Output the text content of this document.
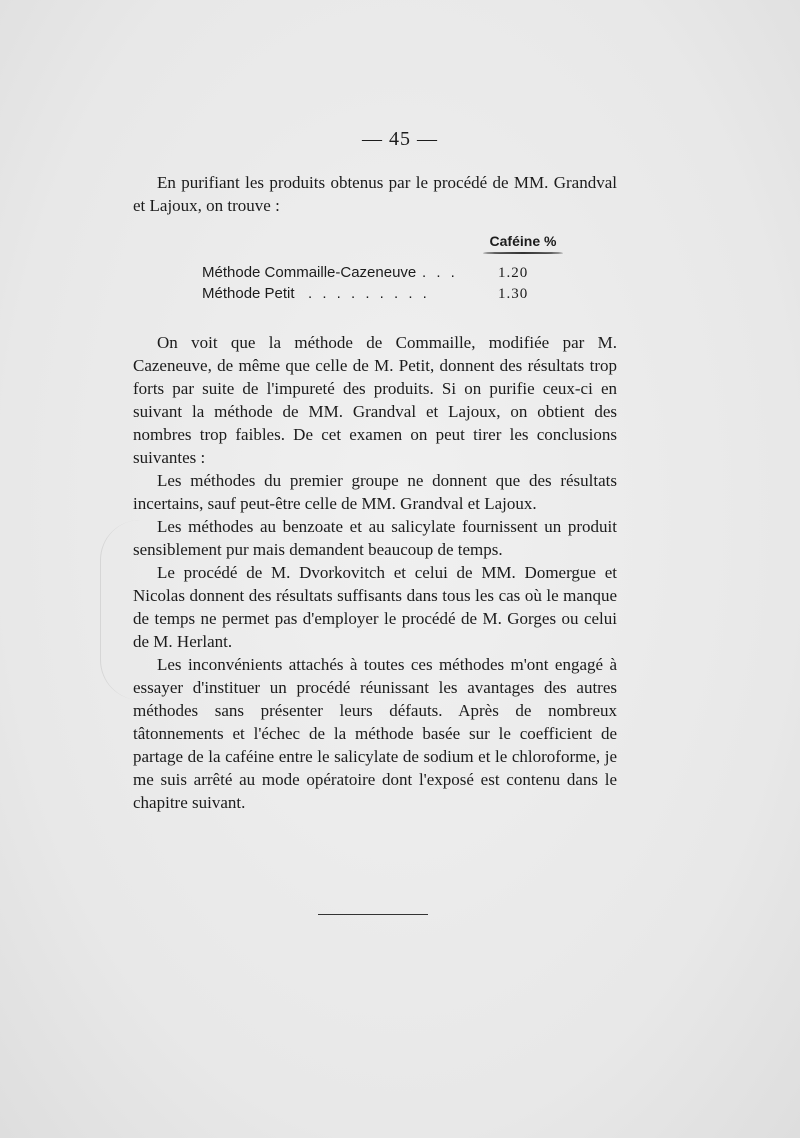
— 45 —

En purifiant les produits obtenus par le procédé de MM. Grandval et Lajoux, on trouve :

Caféine %
Méthode Commaille-Cazeneuve . . .	1.20
Méthode Petit . . . . . . . . .	1.30

On voit que la méthode de Commaille, modifiée par M. Cazeneuve, de même que celle de M. Petit, donnent des résultats trop forts par suite de l'impureté des produits. Si on purifie ceux-ci en suivant la méthode de MM. Grandval et Lajoux, on obtient des nombres trop faibles. De cet examen on peut tirer les conclusions suivantes :

Les méthodes du premier groupe ne donnent que des résultats incertains, sauf peut-être celle de MM. Grandval et Lajoux.

Les méthodes au benzoate et au salicylate fournissent un produit sensiblement pur mais demandent beaucoup de temps.

Le procédé de M. Dvorkovitch et celui de MM. Domergue et Nicolas donnent des résultats suffisants dans tous les cas où le manque de temps ne permet pas d'employer le procédé de M. Gorges ou celui de M. Herlant.

Les inconvénients attachés à toutes ces méthodes m'ont engagé à essayer d'instituer un procédé réunissant les avantages des autres méthodes sans présenter leurs défauts. Après de nombreux tâtonnements et l'échec de la méthode basée sur le coefficient de partage de la caféine entre le salicylate de sodium et le chloroforme, je me suis arrêté au mode opératoire dont l'exposé est contenu dans le chapitre suivant.
